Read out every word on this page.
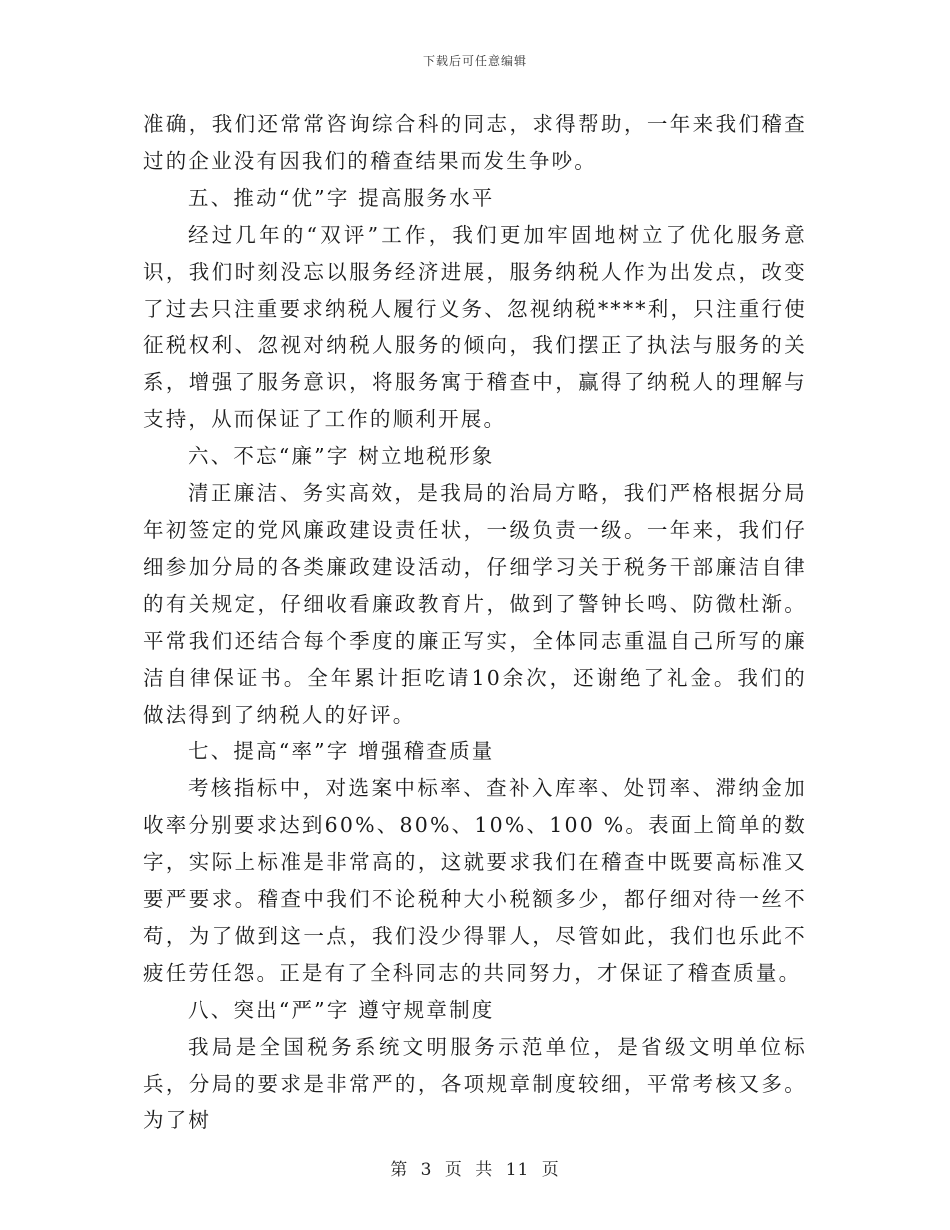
下载后可任意编辑

准确，我们还常常咨询综合科的同志，求得帮助，一年来我们稽查过的企业没有因我们的稽查结果而发生争吵。

五、推动“优”字 提高服务水平

经过几年的“双评”工作，我们更加牢固地树立了优化服务意识，我们时刻没忘以服务经济进展，服务纳税人作为出发点，改变了过去只注重要求纳税人履行义务、忽视纳税****利，只注重行使征税权利、忽视对纳税人服务的倾向，我们摆正了执法与服务的关系，增强了服务意识，将服务寓于稽查中，赢得了纳税人的理解与支持，从而保证了工作的顺利开展。

六、不忘“廉”字 树立地税形象

清正廉洁、务实高效，是我局的治局方略，我们严格根据分局年初签定的党风廉政建设责任状，一级负责一级。一年来，我们仔细参加分局的各类廉政建设活动，仔细学习关于税务干部廉洁自律的有关规定，仔细收看廉政教育片，做到了警钟长鸣、防微杜渐。平常我们还结合每个季度的廉正写实，全体同志重温自己所写的廉洁自律保证书。全年累计拒吃请10余次，还谢绝了礼金。我们的做法得到了纳税人的好评。

七、提高“率”字 增强稽查质量

考核指标中，对选案中标率、查补入库率、处罚率、滞纳金加收率分别要求达到60%、80%、10%、100 %。表面上简单的数字，实际上标准是非常高的，这就要求我们在稽查中既要高标准又要严要求。稽查中我们不论税种大小税额多少，都仔细对待一丝不苟，为了做到这一点，我们没少得罪人，尽管如此，我们也乐此不疲任劳任怨。正是有了全科同志的共同努力，才保证了稽查质量。

八、突出“严”字 遵守规章制度

我局是全国税务系统文明服务示范单位，是省级文明单位标兵，分局的要求是非常严的，各项规章制度较细，平常考核又多。为了树

第 3 页 共 11 页
